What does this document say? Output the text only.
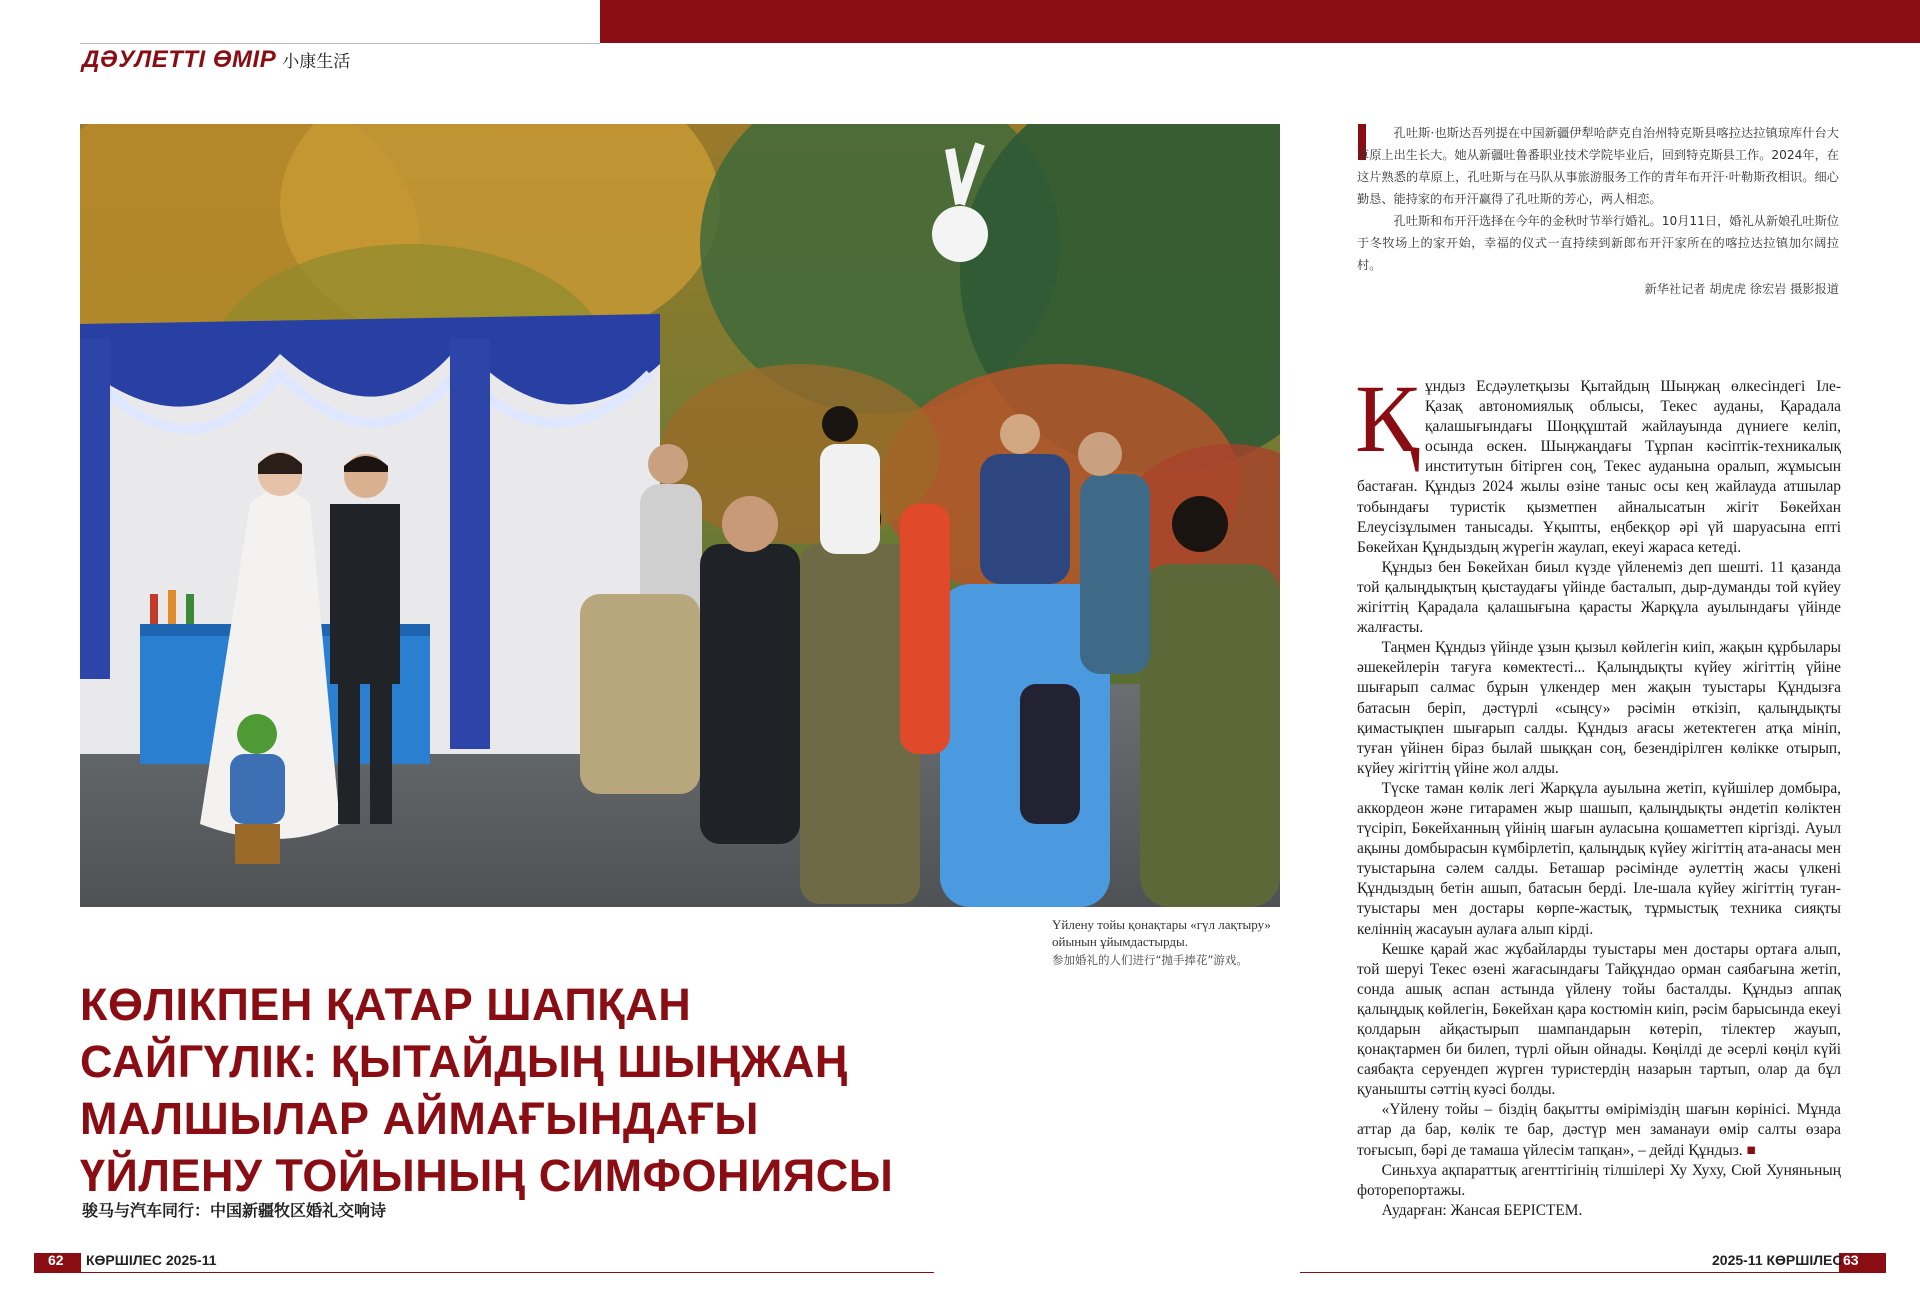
ДӘУЛЕТТІ ӨМІР 小康生活
Үйлену тойы қонақтары «гүл лақтыру» ойынын ұйымдастырды.
参加婚礼的人们进行“抛手捧花”游戏。
КӨЛІКПЕН ҚАТАР ШАПҚАН
САЙГҮЛІК: ҚЫТАЙДЫҢ ШЫҢЖАҢ
МАЛШЫЛАР АЙМАҒЫНДАҒЫ
ҮЙЛЕНУ ТОЙЫНЫҢ СИМФОНИЯСЫ
骏马与汽车同行：中国新疆牧区婚礼交响诗

孔吐斯·也斯达吾列提在中国新疆伊犁哈萨克自治州特克斯县喀拉达拉镇琼库什台大草原上出生长大。她从新疆吐鲁番职业技术学院毕业后，回到特克斯县工作。2024年，在这片熟悉的草原上，孔吐斯与在马队从事旅游服务工作的青年布开汗·叶勒斯孜相识。细心勤恳、能持家的布开汗赢得了孔吐斯的芳心，两人相恋。

孔吐斯和布开汗选择在今年的金秋时节举行婚礼。10月11日，婚礼从新娘孔吐斯位于冬牧场上的家开始，幸福的仪式一直持续到新郎布开汗家所在的喀拉达拉镇加尔阔拉村。

新华社记者 胡虎虎 徐宏岩 摄影报道

Құндыз Есдәулетқызы Қытайдың Шыңжаң өлкесіндегі Іле-Қазақ автономиялық облысы, Текес ауданы, Қарадала қалашығындағы Шоңқұштай жайлауында дүниеге келіп, осында өскен. Шыңжаңдағы Тұрпан кәсіптік-техникалық институтын бітірген соң, Текес ауданына оралып, жұмысын бастаған. Құндыз 2024 жылы өзіне таныс осы кең жайлауда атшылар тобындағы туристік қызметпен айналысатын жігіт Бөкейхан Елеусізұлымен танысады. Ұқыпты, еңбекқор әрі үй шаруасына епті Бөкейхан Құндыздың жүрегін жаулап, екеуі жараса кетеді.

Құндыз бен Бөкейхан биыл күзде үйленеміз деп шешті. 11 қазанда той қалыңдықтың қыстаудағы үйінде басталып, дыр-думанды той күйеу жігіттің Қарадала қалашығына қарасты Жарқұла ауылындағы үйінде жалғасты.

Таңмен Құндыз үйінде ұзын қызыл көйлегін киіп, жақын құрбылары әшекейлерін тағуға көмектесті... Қалыңдықты күйеу жігіттің үйіне шығарып салмас бұрын үлкендер мен жақын туыстары Құндызға батасын беріп, дәстүрлі «сыңсу» рәсімін өткізіп, қалыңдықты қимастықпен шығарып салды. Құндыз ағасы жетектеген атқа мініп, туған үйінен біраз былай шыққан соң, безендірілген көлікке отырып, күйеу жігіттің үйіне жол алды.

Түске таман көлік легі Жарқұла ауылына жетіп, күйшілер домбыра, аккордеон және гитарамен жыр шашып, қалыңдықты әндетіп көліктен түсіріп, Бөкейханның үйінің шағын ауласына қошаметтеп кіргізді. Ауыл ақыны домбырасын күмбірлетіп, қалыңдық күйеу жігіттің ата-анасы мен туыстарына сәлем салды. Беташар рәсімінде әулеттің жасы үлкені Құндыздың бетін ашып, батасын берді. Іле-шала күйеу жігіттің туған-туыстары мен достары көрпе-жастық, тұрмыстық техника сияқты келіннің жасауын аулаға алып кірді.

Кешке қарай жас жұбайларды туыстары мен достары ортаға алып, той шеруі Текес өзені жағасындағы Тайқұндао орман саябағына жетіп, сонда ашық аспан астында үйлену тойы басталды. Құндыз аппақ қалыңдық көйлегін, Бөкейхан қара костюмін киіп, рәсім барысында екеуі қолдарын айқастырып шампандарын көтеріп, тілектер жауып, қонақтармен би билеп, түрлі ойын ойнады. Көңілді де әсерлі көңіл күйі саябақта серуендеп жүрген туристердің назарын тартып, олар да бұл қуанышты сәттің куәсі болды.

«Үйлену тойы – біздің бақытты өміріміздің шағын көрінісі. Мұнда аттар да бар, көлік те бар, дәстүр мен заманауи өмір салты өзара тоғысып, бәрі де тамаша үйлесім тапқан», – дейді Құндыз. ■

Синьхуа ақпараттық агенттігінің тілшілері Ху Хуху, Сюй Хуняньның фоторепортажы.

Аударған: Жансая БЕРІСТЕМ.

62 КӨРШІЛЕС 2025-11	63
2025-11 КӨРШІЛЕС
